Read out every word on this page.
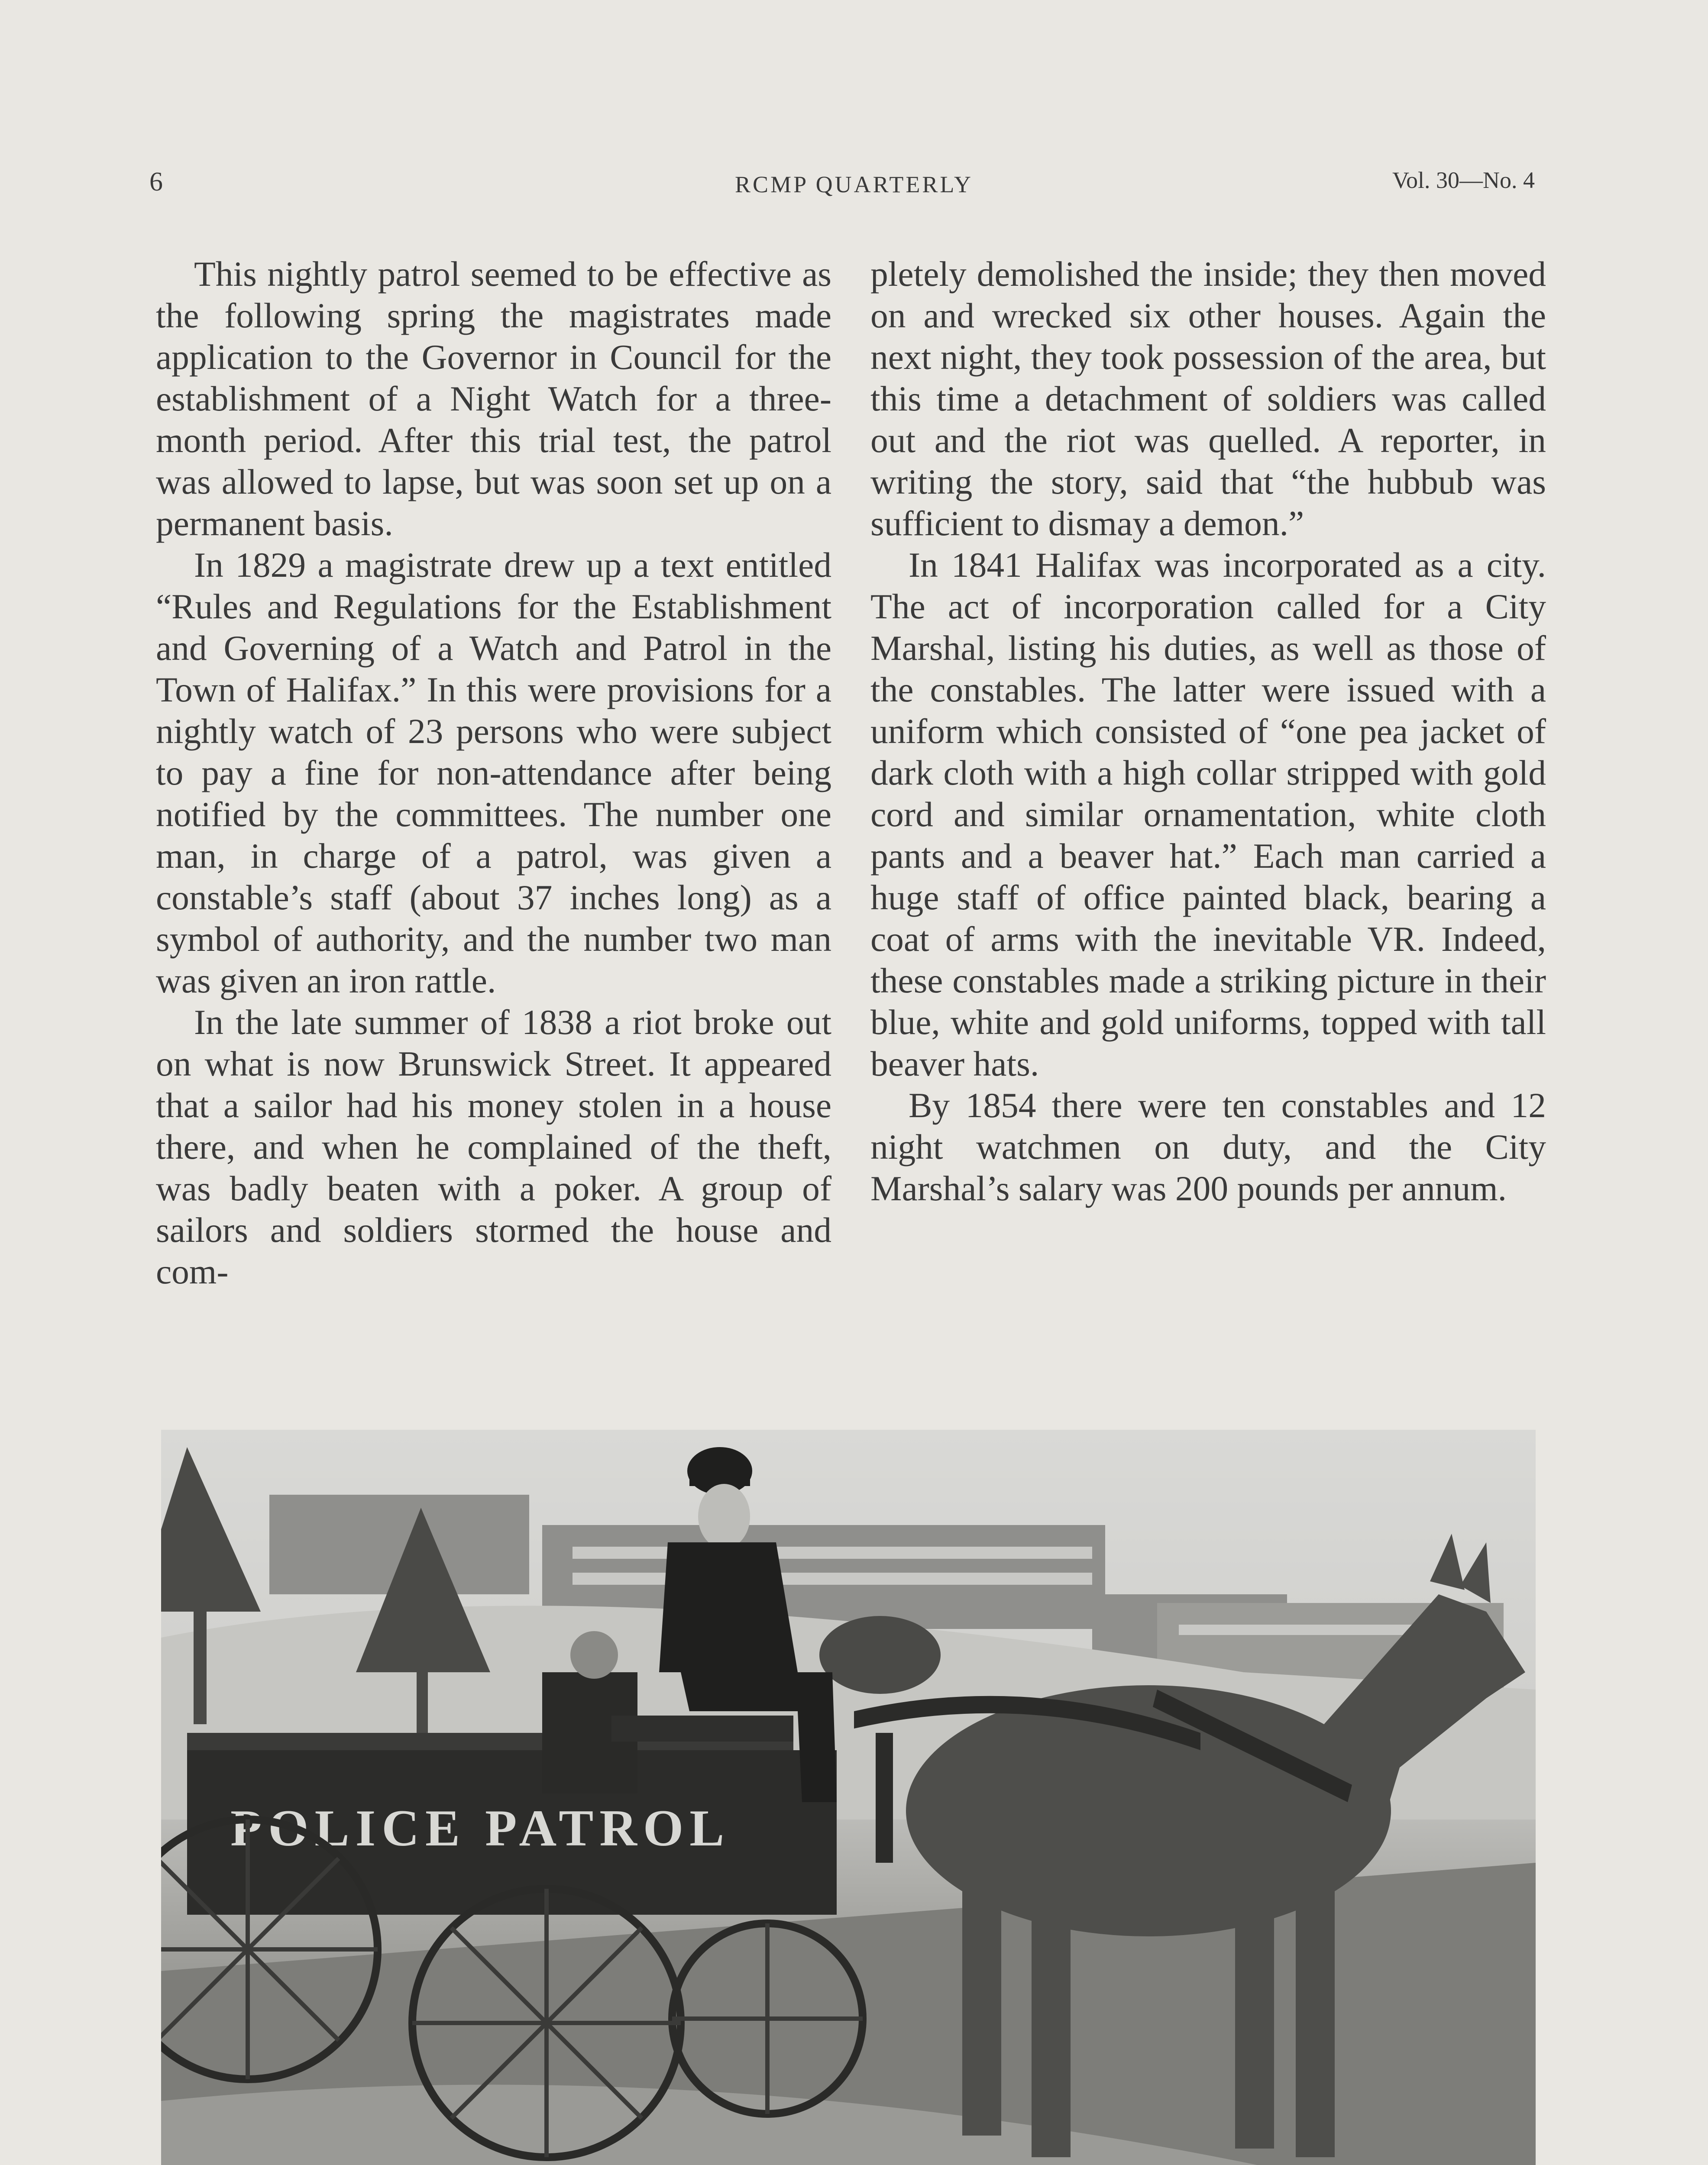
6	RCMP QUARTERLY	Vol. 30—No. 4

This nightly patrol seemed to be effective as the following spring the magistrates made application to the Governor in Council for the establishment of a Night Watch for a three-month period. After this trial test, the patrol was allowed to lapse, but was soon set up on a permanent basis.

In 1829 a magistrate drew up a text entitled “Rules and Regulations for the Establishment and Governing of a Watch and Patrol in the Town of Halifax.” In this were provisions for a nightly watch of 23 persons who were subject to pay a fine for non-attendance after being notified by the committees. The number one man, in charge of a patrol, was given a constable’s staff (about 37 inches long) as a symbol of authority, and the number two man was given an iron rattle.

In the late summer of 1838 a riot broke out on what is now Brunswick Street. It appeared that a sailor had his money stolen in a house there, and when he complained of the theft, was badly beaten with a poker. A group of sailors and soldiers stormed the house and com-

pletely demolished the inside; they then moved on and wrecked six other houses. Again the next night, they took possession of the area, but this time a detachment of soldiers was called out and the riot was quelled. A reporter, in writing the story, said that “the hubbub was sufficient to dismay a demon.”

In 1841 Halifax was incorporated as a city. The act of incorporation called for a City Marshal, listing his duties, as well as those of the constables. The latter were issued with a uniform which consisted of “one pea jacket of dark cloth with a high collar stripped with gold cord and similar ornamentation, white cloth pants and a beaver hat.” Each man carried a huge staff of office painted black, bearing a coat of arms with the inevitable VR. Indeed, these constables made a striking picture in their blue, white and gold uniforms, topped with tall beaver hats.

By 1854 there were ten constables and 12 night watchmen on duty, and the City Marshal’s salary was 200 pounds per annum.

POLICE PATROL
